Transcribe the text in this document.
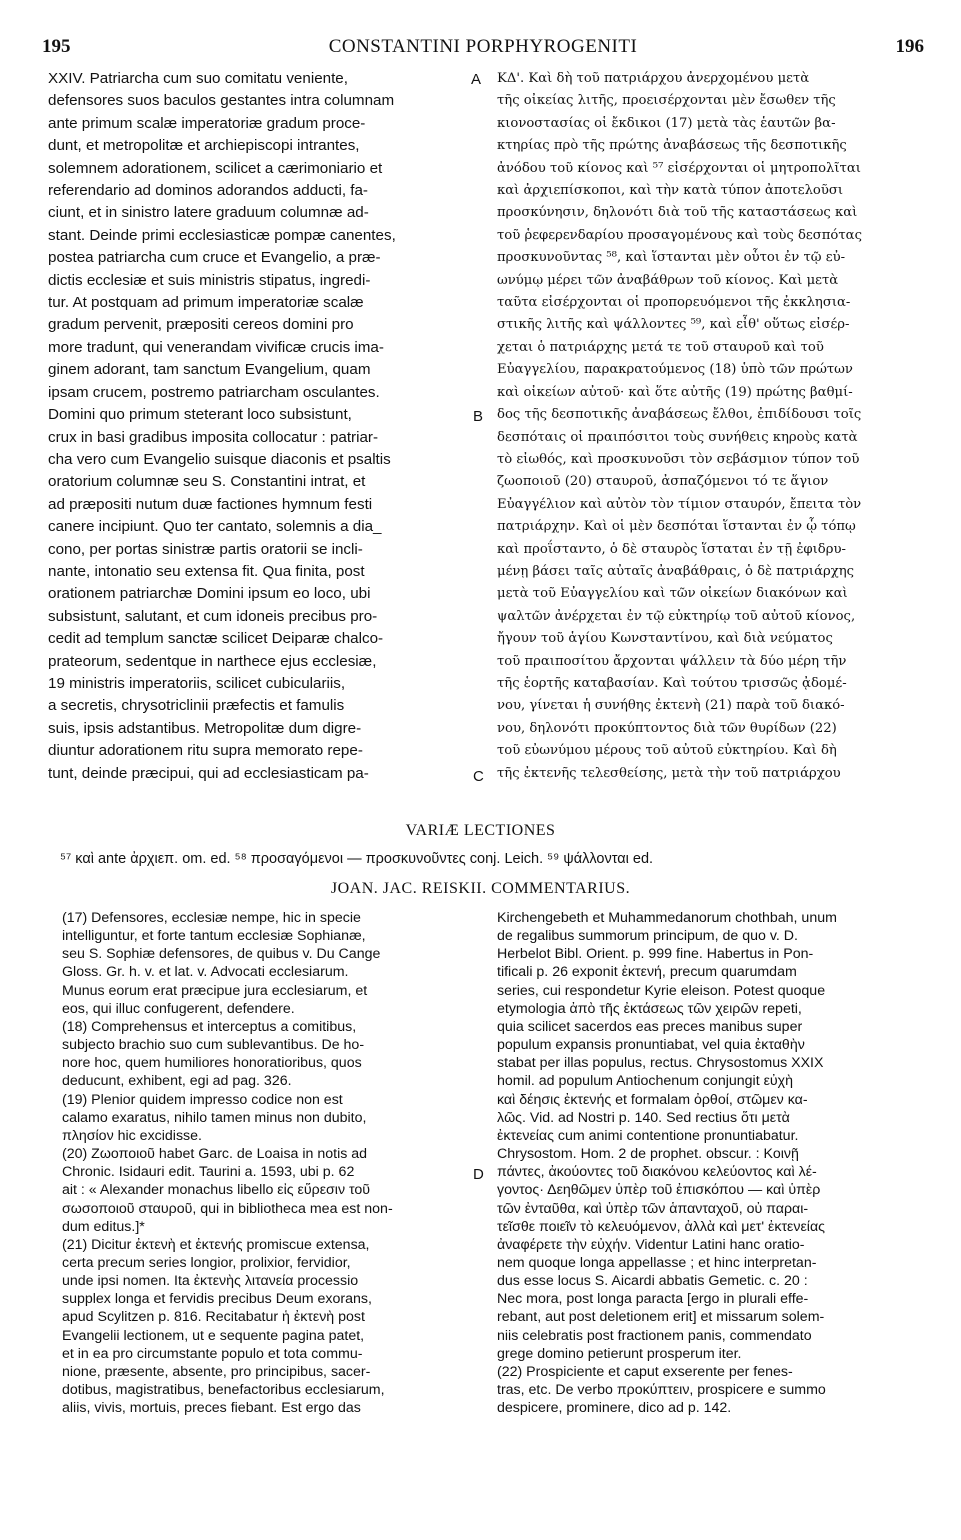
195	CONSTANTINI PORPHYROGENITI	196
XXIV. Patriarcha cum suo comitatu veniente,
defensores suos baculos gestantes intra columnam
ante primum scalæ imperatoriæ gradum proce-
dunt, et metropolitæ et archiepiscopi intrantes,
solemnem adorationem, scilicet a cærimoniario et
referendario ad dominos adorandos adducti, fa-
ciunt, et in sinistro latere graduum columnæ ad-
stant. Deinde primi ecclesiasticæ pompæ canentes,
postea patriarcha cum cruce et Evangelio, a præ-
dictis ecclesiæ et suis ministris stipatus, ingredi-
tur. At postquam ad primum imperatoriæ scalæ
gradum pervenit, præpositi cereos domini pro
more tradunt, qui venerandam vivificæ crucis ima-
ginem adorant, tam sanctum Evangelium, quam
ipsam crucem, postremo patriarcham osculantes.
Domini quo primum steterant loco subsistunt,
crux in basi gradibus imposita collocatur : patriar-
cha vero cum Evangelio suisque diaconis et psaltis
oratorium columnæ seu S. Constantini intrat, et
ad præpositi nutum duæ factiones hymnum festi
canere incipiunt. Quo ter cantato, solemnis a dia_
cono, per portas sinistræ partis oratorii se incli-
nante, intonatio seu extensa fit. Qua finita, post
orationem patriarchæ Domini ipsum eo loco, ubi
subsistunt, salutant, et cum idoneis precibus pro-
cedit ad templum sanctæ scilicet Deiparæ chalco-
prateorum, sedentque in narthece ejus ecclesiæ,
19 ministris imperatoriis, scilicet cubiculariis,
a secretis, chrysotriclinii præfectis et famulis
suis, ipsis adstantibus. Metropolitæ dum digre-
diuntur adorationem ritu supra memorato repe-
tunt, deinde præcipui, qui ad ecclesiasticam pa-
ΚΔ'. Καὶ δὴ τοῦ πατριάρχου ἀνερχομένου μετὰ
τῆς οἰκείας λιτῆς, προεισέρχονται μὲν ἔσωθεν τῆς
κιονοστασίας οἱ ἔκδικοι (17) μετὰ τὰς ἑαυτῶν βα-
κτηρίας πρὸ τῆς πρώτης ἀναβάσεως τῆς δεσποτικῆς
ἀνόδου τοῦ κίονος καὶ ⁵⁷ εἰσέρχονται οἱ μητροπολῖται
καὶ ἀρχιεπίσκοποι, καὶ τὴν κατὰ τύπον ἀποτελοῦσι
προσκύνησιν, δηλονότι διὰ τοῦ τῆς καταστάσεως καὶ
τοῦ ῥεφερενδαρίου προσαγομένους καὶ τοὺς δεσπότας
προσκυνοῦντας ⁵⁸, καὶ ἵστανται μὲν οὗτοι ἐν τῷ εὐ-
ωνύμῳ μέρει τῶν ἀναβάθρων τοῦ κίονος. Καὶ μετὰ
ταῦτα εἰσέρχονται οἱ προπορευόμενοι τῆς ἐκκλησια-
στικῆς λιτῆς καὶ ψάλλοντες ⁵⁹, καὶ εἶθ' οὕτως εἰσέρ-
χεται ὁ πατριάρχης μετά τε τοῦ σταυροῦ καὶ τοῦ
Εὐαγγελίου, παρακρατούμενος (18) ὑπὸ τῶν πρώτων
καὶ οἰκείων αὐτοῦ· καὶ ὅτε αὐτῆς (19) πρώτης βαθμί-
δος τῆς δεσποτικῆς ἀναβάσεως ἔλθοι, ἐπιδίδουσι τοῖς
δεσπόταις οἱ πραιπόσιτοι τοὺς συνήθεις κηροὺς κατὰ
τὸ εἰωθός, καὶ προσκυνοῦσι τὸν σεβάσμιον τύπον τοῦ
ζωοποιοῦ (20) σταυροῦ, ἀσπαζόμενοι τό τε ἅγιον
Εὐαγγέλιον καὶ αὐτὸν τὸν τίμιον σταυρόν, ἔπειτα τὸν
πατριάρχην. Καὶ οἱ μὲν δεσπόται ἵστανται ἐν ᾧ τόπῳ
καὶ προΐσταντο, ὁ δὲ σταυρὸς ἵσταται ἐν τῇ ἐφιδρυ-
μένῃ βάσει ταῖς αὐταῖς ἀναβάθραις, ὁ δὲ πατριάρχης
μετὰ τοῦ Εὐαγγελίου καὶ τῶν οἰκείων διακόνων καὶ
ψαλτῶν ἀνέρχεται ἐν τῷ εὐκτηρίῳ τοῦ αὐτοῦ κίονος,
ἤγουν τοῦ ἁγίου Κωνσταντίνου, καὶ διὰ νεύματος
τοῦ πραιποσίτου ἄρχονται ψάλλειν τὰ δύο μέρη τῆν
τῆς ἑορτῆς καταβασίαν. Καὶ τούτου τρισσῶς ᾀδομέ-
νου, γίνεται ἡ συνήθης ἐκτενὴ (21) παρὰ τοῦ διακό-
νου, δηλονότι προκύπτοντος διὰ τῶν θυρίδων (22)
τοῦ εὐωνύμου μέρους τοῦ αὐτοῦ εὐκτηρίου. Καὶ δὴ
τῆς ἐκτενῆς τελεσθείσης, μετὰ τὴν τοῦ πατριάρχου
A
B
C
D
VARIÆ LECTIONES
⁵⁷ καὶ ante ἀρχιεπ. om. ed. ⁵⁸ προσαγόμενοι — προσκυνοῦντες conj. Leich. ⁵⁹ ψάλλονται ed.
JOAN. JAC. REISKII. COMMENTARIUS.
(17) Defensores, ecclesiæ nempe, hic in specie
intelliguntur, et forte tantum ecclesiæ Sophianæ,
seu S. Sophiæ defensores, de quibus v. Du Cange
Gloss. Gr. h. v. et lat. v. Advocati ecclesiarum.
Munus eorum erat præcipue jura ecclesiarum, et
eos, qui illuc confugerent, defendere.
(18) Comprehensus et interceptus a comitibus,
subjecto brachio suo cum sublevantibus. De ho-
nore hoc, quem humiliores honoratioribus, quos
deducunt, exhibent, egi ad pag. 326.
(19) Plenior quidem impresso codice non est
calamo exaratus, nihilo tamen minus non dubito,
πλησίον hic excidisse.
(20) Ζωοποιοῦ habet Garc. de Loaisa in notis ad
Chronic. Isidauri edit. Taurini a. 1593, ubi p. 62
ait : « Alexander monachus libello εἰς εὕρεσιν τοῦ
σωσοποιοῦ σταυροῦ, qui in bibliotheca mea est non-
dum editus.]*
(21) Dicitur ἐκτενὴ et ἐκτενής promiscue extensa,
certa precum series longior, prolixior, fervidior,
unde ipsi nomen. Ita ἐκτενὴς λιτανεία processio
supplex longa et fervidis precibus Deum exorans,
apud Scylitzen p. 816. Recitabatur ἡ ἐκτενὴ post
Evangelii lectionem, ut e sequente pagina patet,
et in ea pro circumstante populo et tota commu-
nione, præsente, absente, pro principibus, sacer-
dotibus, magistratibus, benefactoribus ecclesiarum,
aliis, vivis, mortuis, preces fiebant. Est ergo das
Kirchengebeth et Muhammedanorum chothbah, unum
de regalibus summorum principum, de quo v. D.
Herbelot Bibl. Orient. p. 999 fine. Habertus in Pon-
tificali p. 26 exponit ἐκτενή, precum quarumdam
series, cui respondetur Kyrie eleison. Potest quoque
etymologia ἀπὸ τῆς ἐκτάσεως τῶν χειρῶν repeti,
quia scilicet sacerdos eas preces manibus super
populum expansis pronuntiabat, vel quia ἐκταθὴν
stabat per illas populus, rectus. Chrysostomus XXIX
homil. ad populum Antiochenum conjungit εὐχὴ
καὶ δέησις ἐκτενής et formalam ὀρθοί, στῶμεν κα-
λῶς. Vid. ad Nostri p. 140. Sed rectius ὅτι μετὰ
ἐκτενείας cum animi contentione pronuntiabatur.
Chrysostom. Hom. 2 de prophet. obscur. : Κοινῇ
πάντες, ἀκούοντες τοῦ διακόνου κελεύοντος καὶ λέ-
γοντος· Δεηθῶμεν ὑπὲρ τοῦ ἐπισκόπου — καὶ ὑπὲρ
τῶν ἐνταῦθα, καὶ ὑπὲρ τῶν ἁπανταχοῦ, οὐ παραι-
τεῖσθε ποιεῖν τὸ κελευόμενον, ἀλλὰ καὶ μετ' ἐκτενείας
ἀναφέρετε τὴν εὐχήν. Videntur Latini hanc oratio-
nem quoque longa appellasse ; et hinc interpretan-
dus esse locus S. Aicardi abbatis Gemetic. c. 20 :
Nec mora, post longa paracta [ergo in plurali effe-
rebant, aut post deletionem erit] et missarum solem-
niis celebratis post fractionem panis, commendato
grege domino petierunt prosperum iter.
(22) Prospiciente et caput exserente per fenes-
tras, etc. De verbo προκύπτειν, prospicere e summo
despicere, prominere, dico ad p. 142.
